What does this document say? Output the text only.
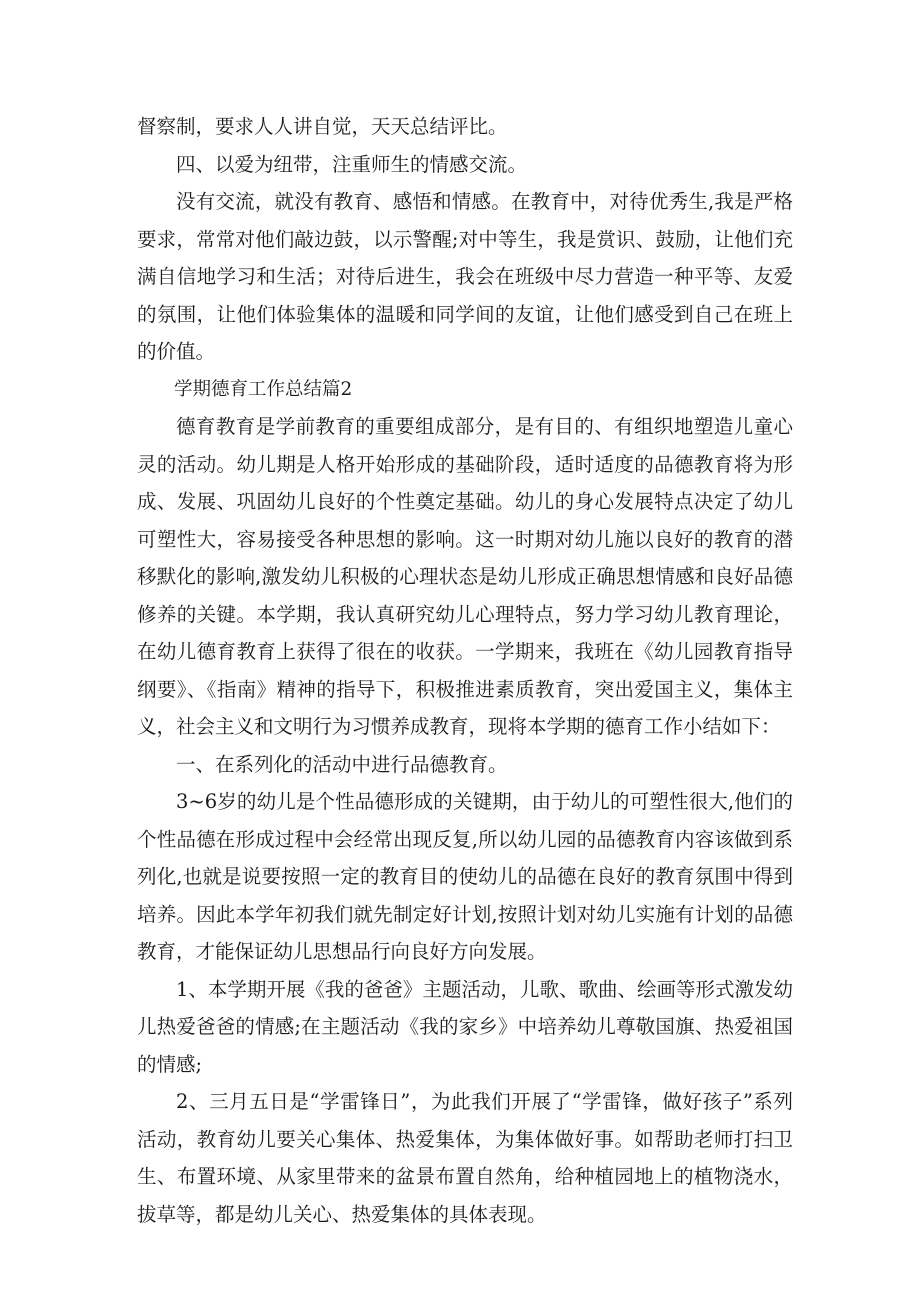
督察制，要求人人讲自觉，天天总结评比。

四、以爱为纽带，注重师生的情感交流。

没有交流，就没有教育、感悟和情感。在教育中，对待优秀生,我是严格要求，常常对他们敲边鼓，以示警醒;对中等生，我是赏识、鼓励，让他们充满自信地学习和生活；对待后进生，我会在班级中尽力营造一种平等、友爱的氛围，让他们体验集体的温暖和同学间的友谊，让他们感受到自己在班上的价值。

学期德育工作总结篇2

德育教育是学前教育的重要组成部分，是有目的、有组织地塑造儿童心灵的活动。幼儿期是人格开始形成的基础阶段，适时适度的品德教育将为形成、发展、巩固幼儿良好的个性奠定基础。幼儿的身心发展特点决定了幼儿可塑性大，容易接受各种思想的影响。这一时期对幼儿施以良好的教育的潜移默化的影响,激发幼儿积极的心理状态是幼儿形成正确思想情感和良好品德修养的关键。本学期，我认真研究幼儿心理特点，努力学习幼儿教育理论，在幼儿德育教育上获得了很在的收获。一学期来，我班在《幼儿园教育指导纲要》、《指南》精神的指导下，积极推进素质教育，突出爱国主义，集体主义，社会主义和文明行为习惯养成教育，现将本学期的德育工作小结如下：

一、在系列化的活动中进行品德教育。

3~6岁的幼儿是个性品德形成的关键期，由于幼儿的可塑性很大,他们的个性品德在形成过程中会经常出现反复,所以幼儿园的品德教育内容该做到系列化,也就是说要按照一定的教育目的使幼儿的品德在良好的教育氛围中得到培养。因此本学年初我们就先制定好计划,按照计划对幼儿实施有计划的品德教育，才能保证幼儿思想品行向良好方向发展。

1、本学期开展《我的爸爸》主题活动，儿歌、歌曲、绘画等形式激发幼儿热爱爸爸的情感;在主题活动《我的家乡》中培养幼儿尊敬国旗、热爱祖国的情感;

2、三月五日是“学雷锋日”，为此我们开展了“学雷锋，做好孩子”系列活动，教育幼儿要关心集体、热爱集体，为集体做好事。如帮助老师打扫卫生、布置环境、从家里带来的盆景布置自然角，给种植园地上的植物浇水，拔草等，都是幼儿关心、热爱集体的具体表现。
